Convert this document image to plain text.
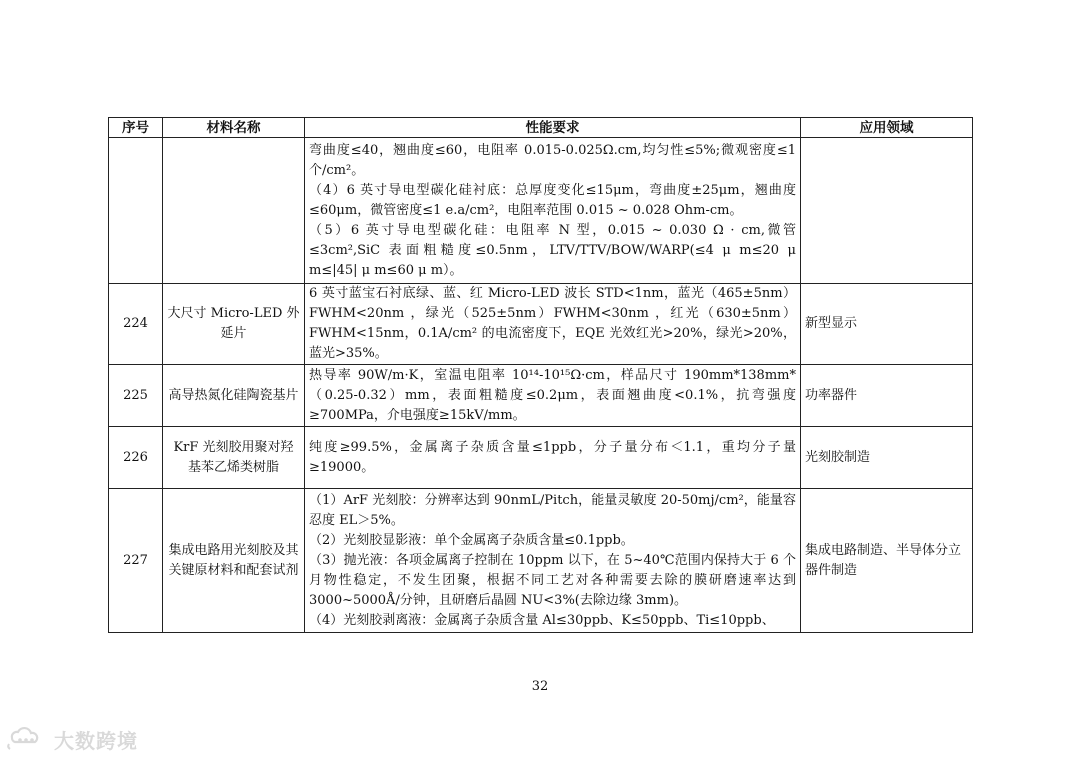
序号	材料名称	性能要求	应用领域

		弯曲度≤40，翘曲度≤60，电阻率 0.015-0.025Ω.cm,均匀性≤5%;微观密度≤1个/cm²。

（4）6 英寸导电型碳化硅衬底：总厚度变化≤15μm，弯曲度±25μm，翘曲度≤60μm，微管密度≤1 e.a/cm²，电阻率范围 0.015 ~ 0.028 Ohm-cm。

（5）6 英寸导电型碳化硅：电阻率 N 型，0.015 ~ 0.030 Ω · cm,微管≤3cm²,SiC 表面粗糙度≤0.5nm，LTV/TTV/BOW/WARP(≤4 μ m≤20 μ m≤|45| μ m≤60 μ m）。	

224	大尺寸 Micro-LED 外延片	6 英寸蓝宝石衬底绿、蓝、红 Micro-LED 波长 STD<1nm，蓝光（465±5nm）FWHM<20nm ，绿光（525±5nm）FWHM<30nm ，红光（630±5nm）FWHM<15nm，0.1A/cm² 的电流密度下，EQE 光效红光>20%，绿光>20%，蓝光>35%。	新型显示
225	高导热氮化硅陶瓷基片	热导率 90W/m·K，室温电阻率 10¹⁴-10¹⁵Ω·cm，样品尺寸 190mm*138mm*（0.25-0.32）mm，表面粗糙度≤0.2μm，表面翘曲度<0.1%，抗弯强度≥700MPa，介电强度≥15kV/mm。	功率器件
226	KrF 光刻胶用聚对羟基苯乙烯类树脂	纯度≥99.5%，金属离子杂质含量≤1ppb，分子量分布＜1.1，重均分子量≥19000。	光刻胶制造
227	集成电路用光刻胶及其关键原材料和配套试剂	（1）ArF 光刻胶：分辨率达到 90nmL/Pitch，能量灵敏度 20-50mj/cm²，能量容忍度 EL＞5%。

（2）光刻胶显影液：单个金属离子杂质含量≤0.1ppb。

（3）抛光液：各项金属离子控制在 10ppm 以下，在 5~40℃范围内保持大于 6 个月物性稳定，不发生团聚，根据不同工艺对各种需要去除的膜研磨速率达到 3000~5000Å/分钟，且研磨后晶圆 NU<3%(去除边缘 3mm)。

（4）光刻胶剥离液：金属离子杂质含量 Al≤30ppb、K≤50ppb、Ti≤10ppb、	集成电路制造、半导体分立器件制造
32
大数跨境
